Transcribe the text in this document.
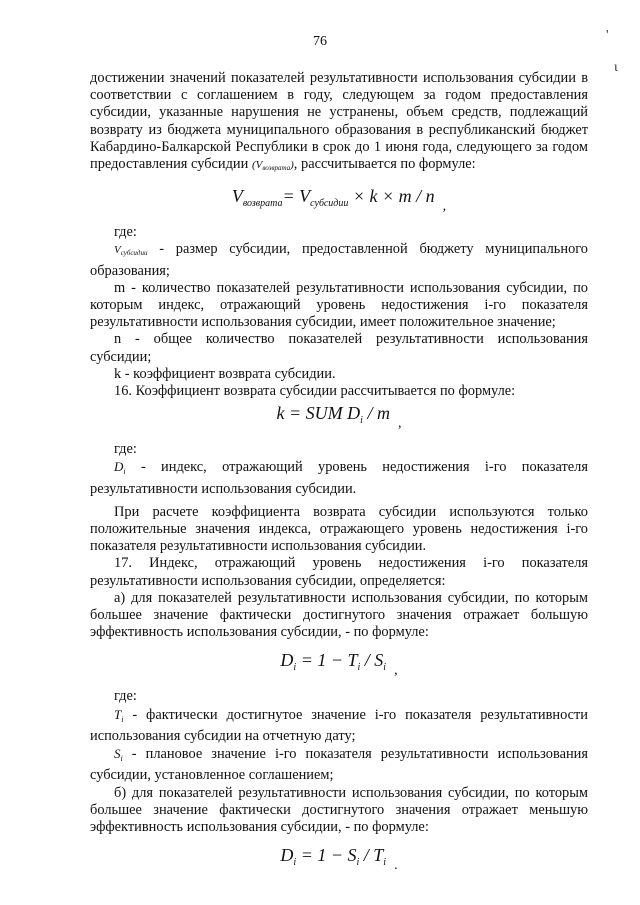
76	'
ι

достижении значений показателей результативности использования субсидии в соответствии с соглашением в году, следующем за годом предоставления субсидии, указанные нарушения не устранены, объем средств, подлежащий возврату из бюджета муниципального образования в республиканский бюджет Кабардино-Балкарской Республики в срок до 1 июня года, следующего за годом предоставления субсидии $(V_{возврата})$, рассчитывается по формуле:

$V_{возврата}= V_{субсидии} \times k \times m / n_,$

где:

$V_{субсидии}$ - размер субсидии, предоставленной бюджету муниципального образования;

m - количество показателей результативности использования субсидии, по которым индекс, отражающий уровень недостижения i-го показателя результативности использования субсидии, имеет положительное значение;

n - общее количество показателей результативности использования субсидии;

k - коэффициент возврата субсидии.

16. Коэффициент возврата субсидии рассчитывается по формуле:

k = SUM $D_i / m_,$

где:

$D_i$ - индекс, отражающий уровень недостижения i-го показателя результативности использования субсидии.

При расчете коэффициента возврата субсидии используются только положительные значения индекса, отражающего уровень недостижения i-го показателя результативности использования субсидии.

17. Индекс, отражающий уровень недостижения i-го показателя результативности использования субсидии, определяется:

а) для показателей результативности использования субсидии, по которым большее значение фактически достигнутого значения отражает большую эффективность использования субсидии, - по формуле:

$D_i = 1 - T_i / S_i$ $_,$

где:

$T_i$ - фактически достигнутое значение i-го показателя результативности использования субсидии на отчетную дату;

$S_i$ - плановое значение i-го показателя результативности использования субсидии, установленное соглашением;

б) для показателей результативности использования субсидии, по которым большее значение фактически достигнутого значения отражает меньшую эффективность использования субсидии, - по формуле:

$D_i = 1 - S_i / T_i$ $_.$
